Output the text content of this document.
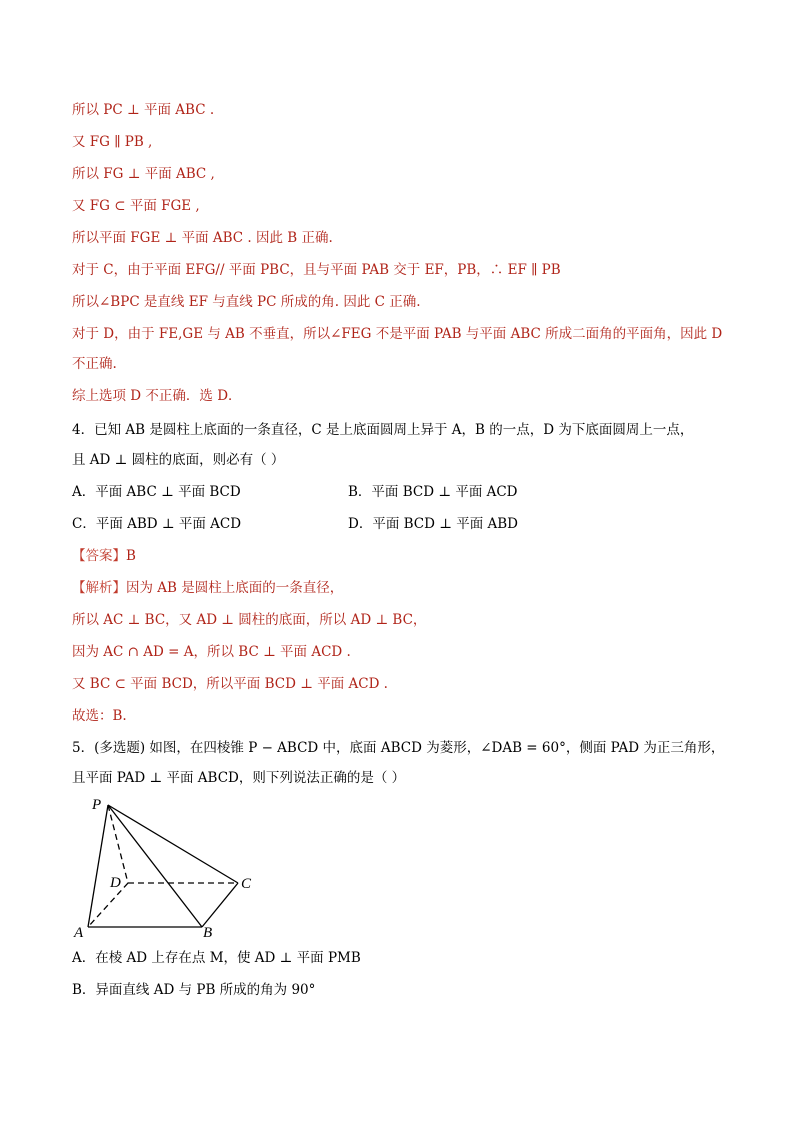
所以 PC ⊥ 平面 ABC .
又 FG ∥ PB ,
所以 FG ⊥ 平面 ABC ,
又 FG ⊂ 平面 FGE ,
所以平面 FGE ⊥ 平面 ABC . 因此 B 正确.
对于 C，由于平面 EFG// 平面 PBC，且与平面 PAB 交于 EF，PB，∴ EF ∥ PB
所以∠BPC 是直线 EF 与直线 PC 所成的角. 因此 C 正确.
对于 D，由于 FE,GE 与 AB 不垂直，所以∠FEG 不是平面 PAB 与平面 ABC 所成二面角的平面角，因此 D
不正确.
综上选项 D 不正确．选 D．
4．已知 AB 是圆柱上底面的一条直径，C 是上底面圆周上异于 A，B 的一点，D 为下底面圆周上一点，
且 AD ⊥ 圆柱的底面，则必有（ ）
A．平面 ABC ⊥ 平面 BCD	B．平面 BCD ⊥ 平面 ACD
C．平面 ABD ⊥ 平面 ACD	D．平面 BCD ⊥ 平面 ABD
【答案】B
【解析】因为 AB 是圆柱上底面的一条直径，
所以 AC ⊥ BC，又 AD ⊥ 圆柱的底面，所以 AD ⊥ BC，
因为 AC ∩ AD = A，所以 BC ⊥ 平面 ACD .
又 BC ⊂ 平面 BCD，所以平面 BCD ⊥ 平面 ACD .
故选：B.
5．(多选题) 如图，在四棱锥 P − ABCD 中，底面 ABCD 为菱形，∠DAB = 60°，侧面 PAD 为正三角形，
且平面 PAD ⊥ 平面 ABCD，则下列说法正确的是（ ）
P
D	C
A	B
A．在棱 AD 上存在点 M，使 AD ⊥ 平面 PMB
B．异面直线 AD 与 PB 所成的角为 90°
